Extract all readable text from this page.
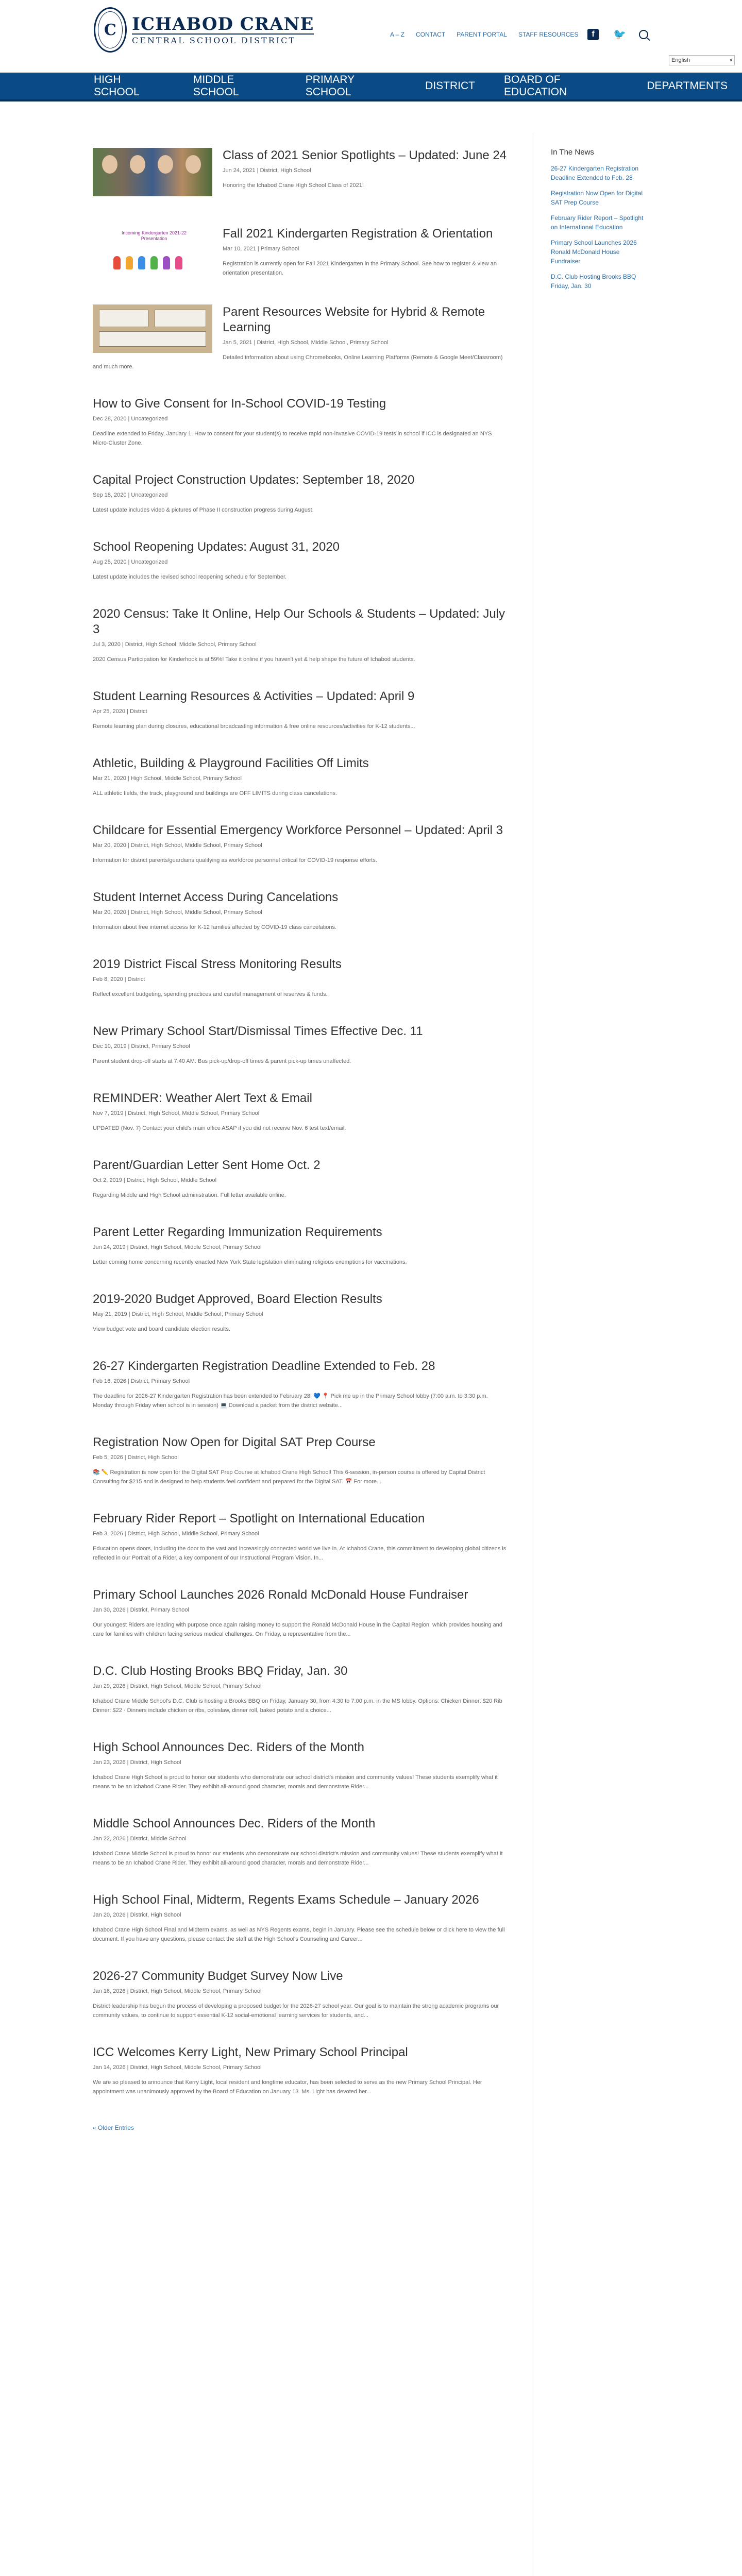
C ICHABOD CRANE
CENTRAL SCHOOL DISTRICT
A – Z CONTACT PARENT PORTAL STAFF RESOURCES	f	🐦
English	▾
HIGH SCHOOL
MIDDLE SCHOOL
PRIMARY SCHOOL
DISTRICT
BOARD OF EDUCATION
DEPARTMENTS
Class of 2021 Senior Spotlights – Updated: June 24
Jun 24, 2021 | District, High School

Honoring the Ichabod Crane High School Class of 2021!

Incoming Kindergarten 2021-22 Presentation	Fall 2021 Kindergarten Registration & Orientation
Mar 10, 2021 | Primary School

Registration is currently open for Fall 2021 Kindergarten in the Primary School. See how to register & view an orientation presentation.

Parent Resources Website for Hybrid & Remote Learning
Jan 5, 2021 | District, High School, Middle School, Primary School

Detailed information about using Chromebooks, Online Learning Platforms (Remote & Google Meet/Classroom) and much more.

How to Give Consent for In-School COVID-19 Testing
Dec 28, 2020 | Uncategorized

Deadline extended to Friday, January 1. How to consent for your student(s) to receive rapid non-invasive COVID-19 tests in school if ICC is designated an NYS Micro-Cluster Zone.

Capital Project Construction Updates: September 18, 2020
Sep 18, 2020 | Uncategorized

Latest update includes video & pictures of Phase II construction progress during August.

School Reopening Updates: August 31, 2020
Aug 25, 2020 | Uncategorized

Latest update includes the revised school reopening schedule for September.

2020 Census: Take It Online, Help Our Schools & Students – Updated: July 3
Jul 3, 2020 | District, High School, Middle School, Primary School

2020 Census Participation for Kinderhook is at 59%! Take it online if you haven't yet & help shape the future of Ichabod students.

Student Learning Resources & Activities – Updated: April 9
Apr 25, 2020 | District

Remote learning plan during closures, educational broadcasting information & free online resources/activities for K-12 students...

Athletic, Building & Playground Facilities Off Limits
Mar 21, 2020 | High School, Middle School, Primary School

ALL athletic fields, the track, playground and buildings are OFF LIMITS during class cancelations.

Childcare for Essential Emergency Workforce Personnel – Updated: April 3
Mar 20, 2020 | District, High School, Middle School, Primary School

Information for district parents/guardians qualifying as workforce personnel critical for COVID-19 response efforts.

Student Internet Access During Cancelations
Mar 20, 2020 | District, High School, Middle School, Primary School

Information about free internet access for K-12 families affected by COVID-19 class cancelations.

2019 District Fiscal Stress Monitoring Results
Feb 8, 2020 | District

Reflect excellent budgeting, spending practices and careful management of reserves & funds.

New Primary School Start/Dismissal Times Effective Dec. 11
Dec 10, 2019 | District, Primary School

Parent student drop-off starts at 7:40 AM. Bus pick-up/drop-off times & parent pick-up times unaffected.

REMINDER: Weather Alert Text & Email
Nov 7, 2019 | District, High School, Middle School, Primary School

UPDATED (Nov. 7) Contact your child's main office ASAP if you did not receive Nov. 6 test text/email.

Parent/Guardian Letter Sent Home Oct. 2
Oct 2, 2019 | District, High School, Middle School

Regarding Middle and High School administration. Full letter available online.

Parent Letter Regarding Immunization Requirements
Jun 24, 2019 | District, High School, Middle School, Primary School

Letter coming home concerning recently enacted New York State legislation eliminating religious exemptions for vaccinations.

2019-2020 Budget Approved, Board Election Results
May 21, 2019 | District, High School, Middle School, Primary School

View budget vote and board candidate election results.

26-27 Kindergarten Registration Deadline Extended to Feb. 28
Feb 16, 2026 | District, Primary School

The deadline for 2026-27 Kindergarten Registration has been extended to February 28! 💙 📍 Pick me up in the Primary School lobby (7:00 a.m. to 3:30 p.m. Monday through Friday when school is in session) 💻 Download a packet from the district website...

Registration Now Open for Digital SAT Prep Course
Feb 5, 2026 | District, High School

📚 ✏️ Registration is now open for the Digital SAT Prep Course at Ichabod Crane High School! This 6-session, in-person course is offered by Capital District Consulting for $215 and is designed to help students feel confident and prepared for the Digital SAT. 📅 For more...

February Rider Report – Spotlight on International Education
Feb 3, 2026 | District, High School, Middle School, Primary School

Education opens doors, including the door to the vast and increasingly connected world we live in. At Ichabod Crane, this commitment to developing global citizens is reflected in our Portrait of a Rider, a key component of our Instructional Program Vision. In...

Primary School Launches 2026 Ronald McDonald House Fundraiser
Jan 30, 2026 | District, Primary School

Our youngest Riders are leading with purpose once again raising money to support the Ronald McDonald House in the Capital Region, which provides housing and care for families with children facing serious medical challenges. On Friday, a representative from the...

D.C. Club Hosting Brooks BBQ Friday, Jan. 30
Jan 29, 2026 | District, High School, Middle School, Primary School

Ichabod Crane Middle School's D.C. Club is hosting a Brooks BBQ on Friday, January 30, from 4:30 to 7:00 p.m. in the MS lobby. Options: Chicken Dinner: $20 Rib Dinner: $22 · Dinners include chicken or ribs, coleslaw, dinner roll, baked potato and a choice...

High School Announces Dec. Riders of the Month
Jan 23, 2026 | District, High School

Ichabod Crane High School is proud to honor our students who demonstrate our school district's mission and community values! These students exemplify what it means to be an Ichabod Crane Rider. They exhibit all-around good character, morals and demonstrate Rider...

Middle School Announces Dec. Riders of the Month
Jan 22, 2026 | District, Middle School

Ichabod Crane Middle School is proud to honor our students who demonstrate our school district's mission and community values! These students exemplify what it means to be an Ichabod Crane Rider. They exhibit all-around good character, morals and demonstrate Rider...

High School Final, Midterm, Regents Exams Schedule – January 2026
Jan 20, 2026 | District, High School

Ichabod Crane High School Final and Midterm exams, as well as NYS Regents exams, begin in January. Please see the schedule below or click here to view the full document. If you have any questions, please contact the staff at the High School's Counseling and Career...

2026-27 Community Budget Survey Now Live
Jan 16, 2026 | District, High School, Middle School, Primary School

District leadership has begun the process of developing a proposed budget for the 2026-27 school year. Our goal is to maintain the strong academic programs our community values, to continue to support essential K-12 social-emotional learning services for students, and...

ICC Welcomes Kerry Light, New Primary School Principal
Jan 14, 2026 | District, High School, Middle School, Primary School

We are so pleased to announce that Kerry Light, local resident and longtime educator, has been selected to serve as the new Primary School Principal. Her appointment was unanimously approved by the Board of Education on January 13. Ms. Light has devoted her...

« Older Entries
In The News
26-27 Kindergarten Registration Deadline Extended to Feb. 28
Registration Now Open for Digital SAT Prep Course
February Rider Report – Spotlight on International Education
Primary School Launches 2026 Ronald McDonald House Fundraiser
D.C. Club Hosting Brooks BBQ Friday, Jan. 30
